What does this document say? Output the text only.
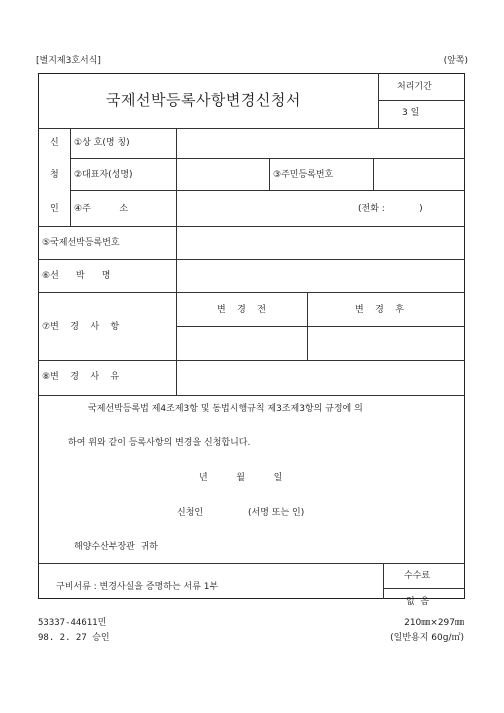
[별지제3호서식]	(앞쪽)
국제선박등록사항변경신청서
처리기간
3 일
신
청
인
①상 호(명 칭)
②대표자(성명)	③주민등록번호
④주          소	(전화 :            )
⑤국제선박등록번호
⑥선      박      명
⑦변    경    사    항
변    경    전	변    경    후
⑧변    경    사    유
국제선박등록법 제4조제3항 및 동법시행규칙 제3조제3항의 규정에 의
하여 위와 같이 등록사항의 변경을 신청합니다.
년          월          일
신청인	(서명 또는 인)
해양수산부장관  귀하
구비서류 : 변경사실을 증명하는 서류 1부
수수료
없  음
53337-44611민
98. 2. 27 승인
210㎜×297㎜
(일반용지 60g/㎡)
